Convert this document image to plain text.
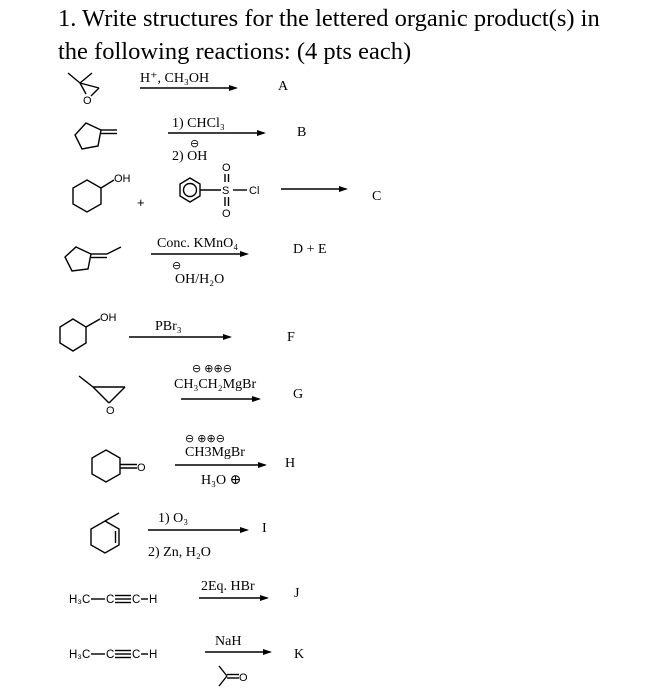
1. Write structures for the lettered organic product(s) in
the following reactions: (4 pts each)
O
H⁺, CH₃OH
A
1) CHCl₃
⊖
2) OH
B
OH
+
S
O
O
Cl	C
Conc. KMnO₄
⊖
OH/H₂O
D + E
OH
PBr₃
F
O
⊖ ⊕⊕⊖
CH₃CH₂MgBr
G
O
⊖ ⊕⊕⊖
CH3MgBr
H₃O ⊕
H
1) O₃
2) Zn, H₂O
I
H₃C C C H
2Eq. HBr	J
H₃C C C H
NaH
O
K
